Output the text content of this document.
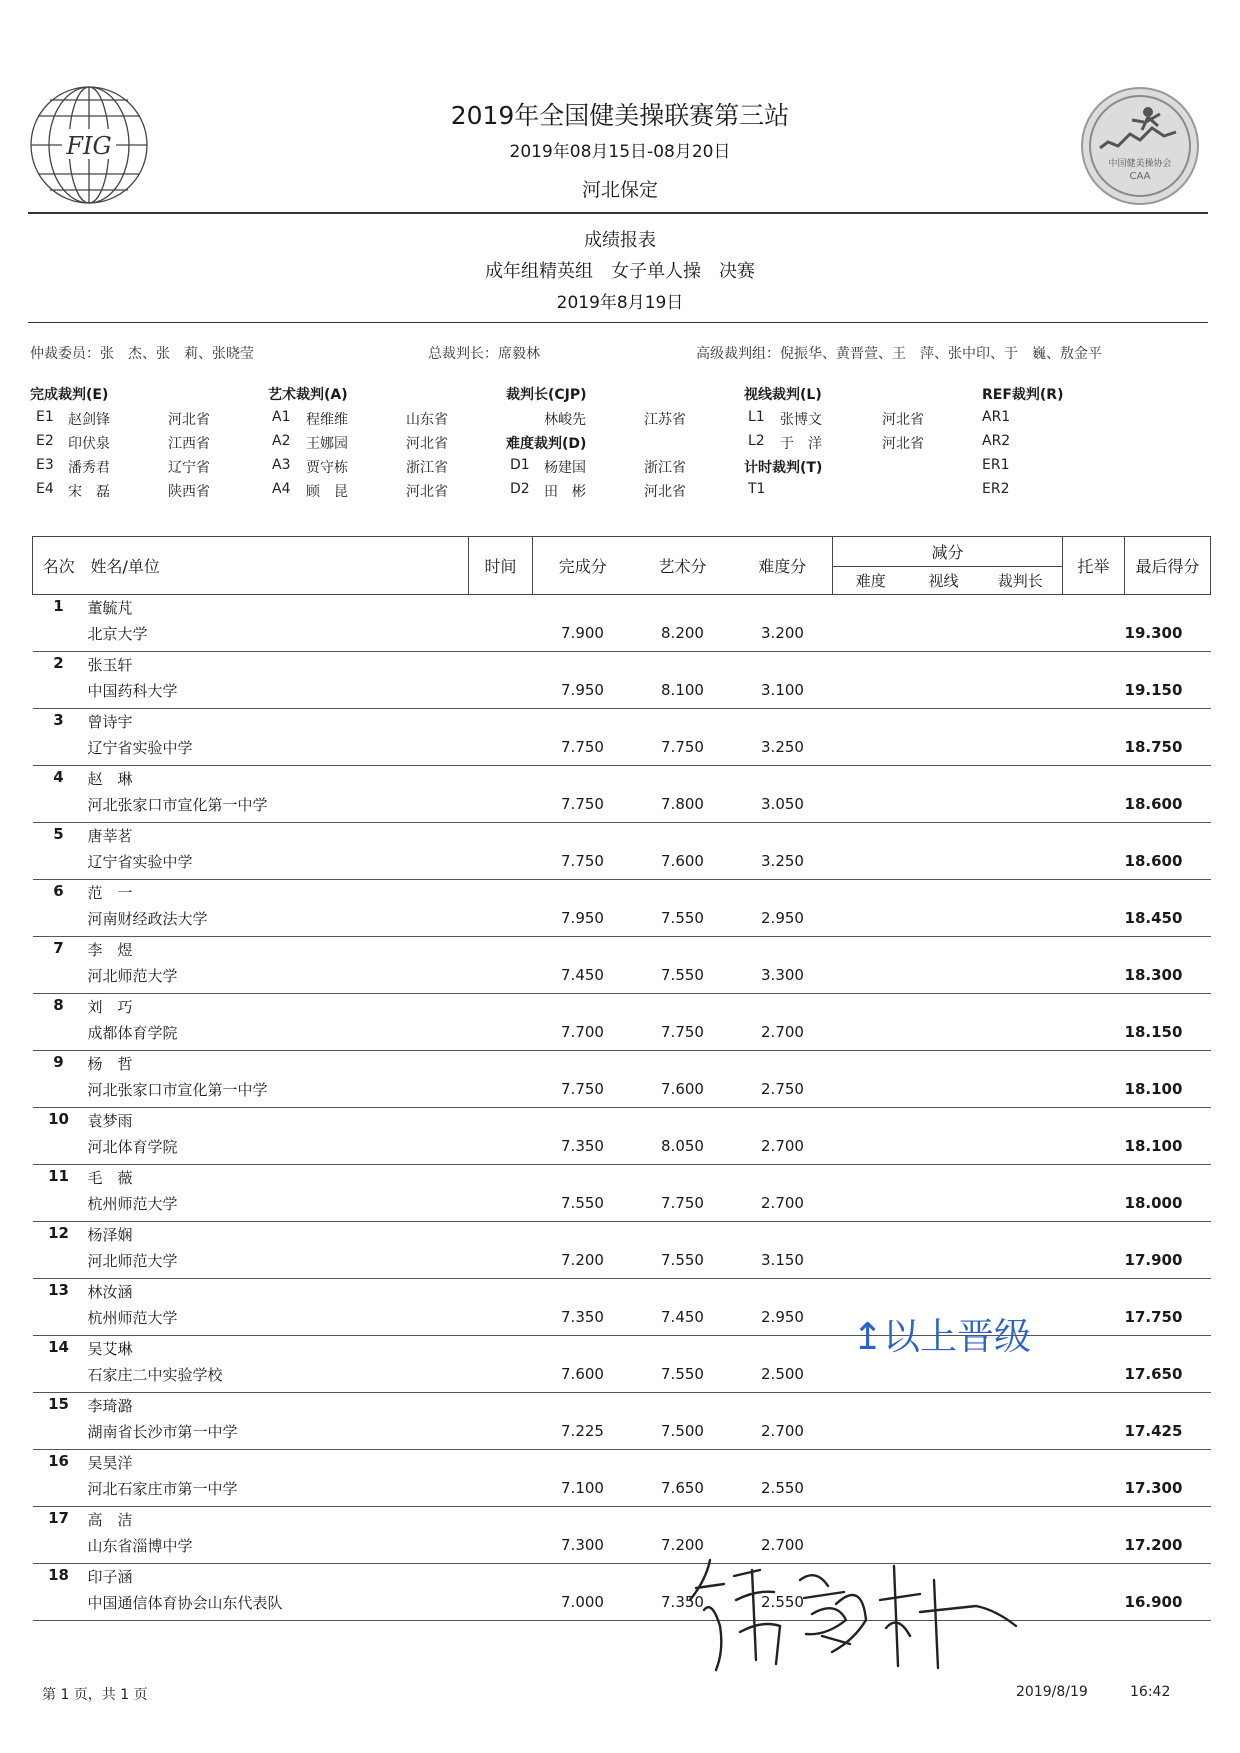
FIG
中国健美操协会
CAA
2019年全国健美操联赛第三站
2019年08月15日-08月20日
河北保定
成绩报表
成年组精英组　女子单人操　决赛
2019年8月19日
仲裁委员：张　杰、张　莉、张晓莹	总裁判长：席毅林	高级裁判组：倪振华、黄晋萱、王　萍、张中印、于　巍、敖金平
完成裁判(E)
E1 赵剑锋	河北省
E2 印伏泉	江西省
E3 潘秀君	辽宁省
E4 宋　磊	陕西省
艺术裁判(A)
A1 程维维	山东省
A2 王娜园	河北省
A3 贾守栋	浙江省
A4 顾　昆	河北省
裁判长(CJP)
林峻先	江苏省
难度裁判(D)
D1 杨建国	浙江省
D2 田　彬	河北省
视线裁判(L)
L1 张博文	河北省
L2 于　洋	河北省
计时裁判(T)
T1
REF裁判(R)
AR1
AR2
ER1
ER2
名次	姓名/单位	时间	完成分	艺术分	难度分	减分			托举	最后得分
						难度	视线	裁判长		
1	董毓芃									
	北京大学		7.900	8.200	3.200					19.300
2	张玉轩									
	中国药科大学		7.950	8.100	3.100					19.150
3	曾诗宇									
	辽宁省实验中学		7.750	7.750	3.250					18.750
4	赵　琳									
	河北张家口市宣化第一中学		7.750	7.800	3.050					18.600
5	唐莘茗									
	辽宁省实验中学		7.750	7.600	3.250					18.600
6	范　一									
	河南财经政法大学		7.950	7.550	2.950					18.450
7	李　煜									
	河北师范大学		7.450	7.550	3.300					18.300
8	刘　巧									
	成都体育学院		7.700	7.750	2.700					18.150
9	杨　哲									
	河北张家口市宣化第一中学		7.750	7.600	2.750					18.100
10	袁梦雨									
	河北体育学院		7.350	8.050	2.700					18.100
11	毛　薇									
	杭州师范大学		7.550	7.750	2.700					18.000
12	杨泽娴									
	河北师范大学		7.200	7.550	3.150					17.900
13	林汝涵									
	杭州师范大学		7.350	7.450	2.950					17.750
14	吴艾琳									
	石家庄二中实验学校		7.600	7.550	2.500					17.650
15	李琦潞									
	湖南省长沙市第一中学		7.225	7.500	2.700					17.425
16	吴昊洋									
	河北石家庄市第一中学		7.100	7.650	2.550					17.300
17	高　洁									
	山东省淄博中学		7.300	7.200	2.700					17.200
18	印子涵									
	中国通信体育协会山东代表队		7.000	7.350	2.550					16.900
↥以上晋级
第 1 页，共 1 页	2019/8/19	16:42
